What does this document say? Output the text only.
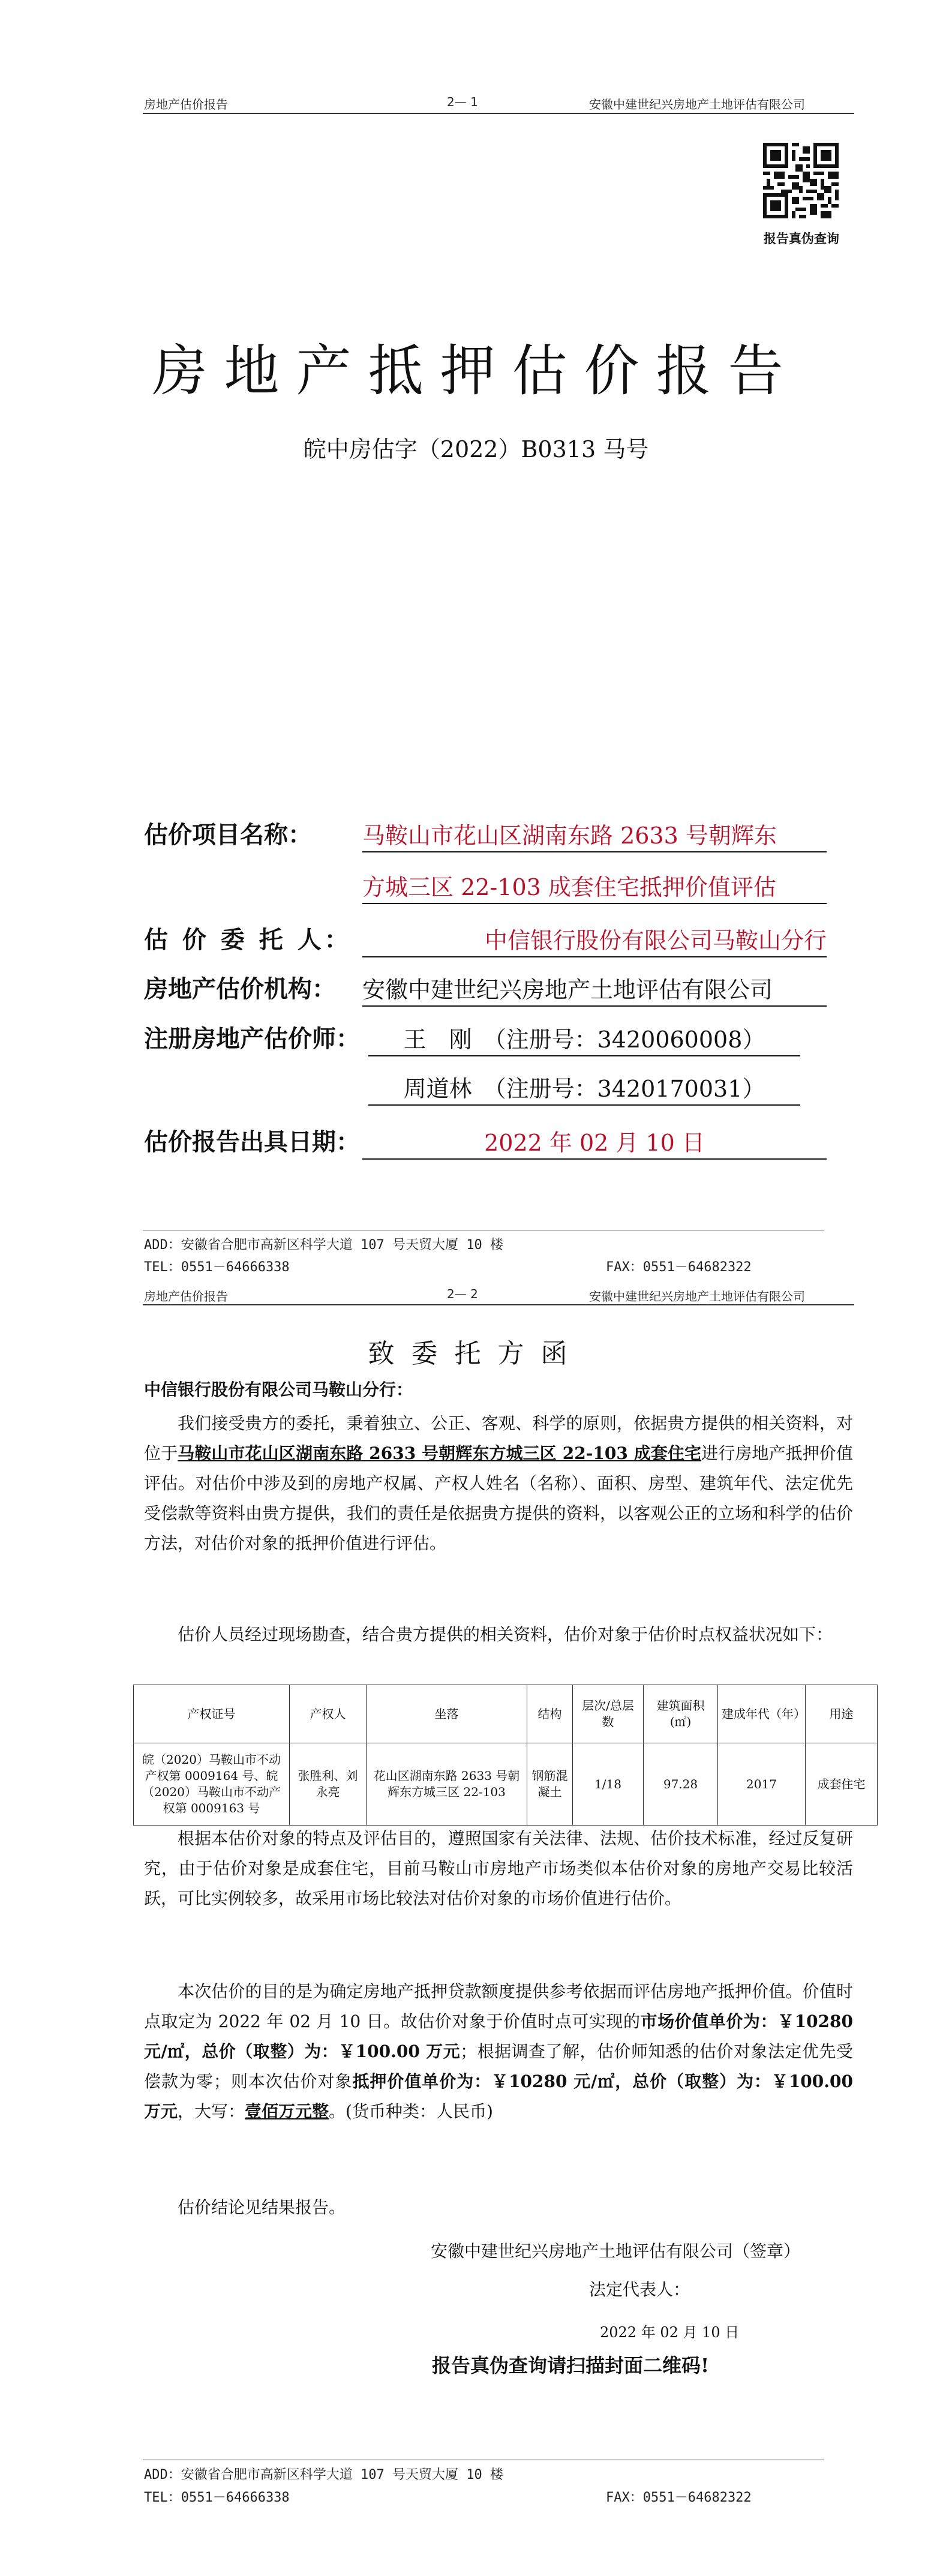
房地产估价报告	2— 1	安徽中建世纪兴房地产土地评估有限公司
报告真伪查询
房地产抵押估价报告
皖中房估字（2022）B0313 马号
估价项目名称： 马鞍山市花山区湖南东路 2633 号朝辉东
方城三区 22-103 成套住宅抵押价值评估
估 价 委 托 人：	中信银行股份有限公司马鞍山分行
房地产估价机构： 安徽中建世纪兴房地产土地评估有限公司
注册房地产估价师：	王　刚　（注册号：3420060008）
周道林　（注册号：3420170031）
估价报告出具日期：	2022 年 02 月 10 日
ADD：安徽省合肥市高新区科学大道 107 号天贸大厦 10 楼
TEL：0551－64666338	FAX：0551－64682322
房地产估价报告	2— 2	安徽中建世纪兴房地产土地评估有限公司
致委托方函
中信银行股份有限公司马鞍山分行：
我们接受贵方的委托，秉着独立、公正、客观、科学的原则，依据贵方提供的相关资料，对位于马鞍山市花山区湖南东路 2633 号朝辉东方城三区 22-103 成套住宅进行房地产抵押价值评估。对估价中涉及到的房地产权属、产权人姓名（名称）、面积、房型、建筑年代、法定优先受偿款等资料由贵方提供，我们的责任是依据贵方提供的资料，以客观公正的立场和科学的估价方法，对估价对象的抵押价值进行评估。
估价人员经过现场勘查，结合贵方提供的相关资料，估价对象于估价时点权益状况如下：
产权证号	产权人	坐落	结构	层次/总层数	建筑面积(㎡)	建成年代（年）	用途
皖（2020）马鞍山市不动产权第 0009164 号、皖（2020）马鞍山市不动产权第 0009163 号	张胜利、刘永亮	花山区湖南东路 2633 号朝辉东方城三区 22-103	钢筋混凝土	1/18	97.28	2017	成套住宅
根据本估价对象的特点及评估目的，遵照国家有关法律、法规、估价技术标准，经过反复研究，由于估价对象是成套住宅，目前马鞍山市房地产市场类似本估价对象的房地产交易比较活跃，可比实例较多，故采用市场比较法对估价对象的市场价值进行估价。
本次估价的目的是为确定房地产抵押贷款额度提供参考依据而评估房地产抵押价值。价值时点取定为 2022 年 02 月 10 日。故估价对象于价值时点可实现的市场价值单价为：￥10280 元/㎡，总价（取整）为：￥100.00 万元；根据调查了解，估价师知悉的估价对象法定优先受偿款为零；则本次估价对象抵押价值单价为：￥10280 元/㎡，总价（取整）为：￥100.00 万元，大写：壹佰万元整。(货币种类：人民币)
估价结论见结果报告。
安徽中建世纪兴房地产土地评估有限公司（签章）
法定代表人：
2022 年 02 月 10 日
报告真伪查询请扫描封面二维码!
ADD：安徽省合肥市高新区科学大道 107 号天贸大厦 10 楼
TEL：0551－64666338	FAX：0551－64682322
